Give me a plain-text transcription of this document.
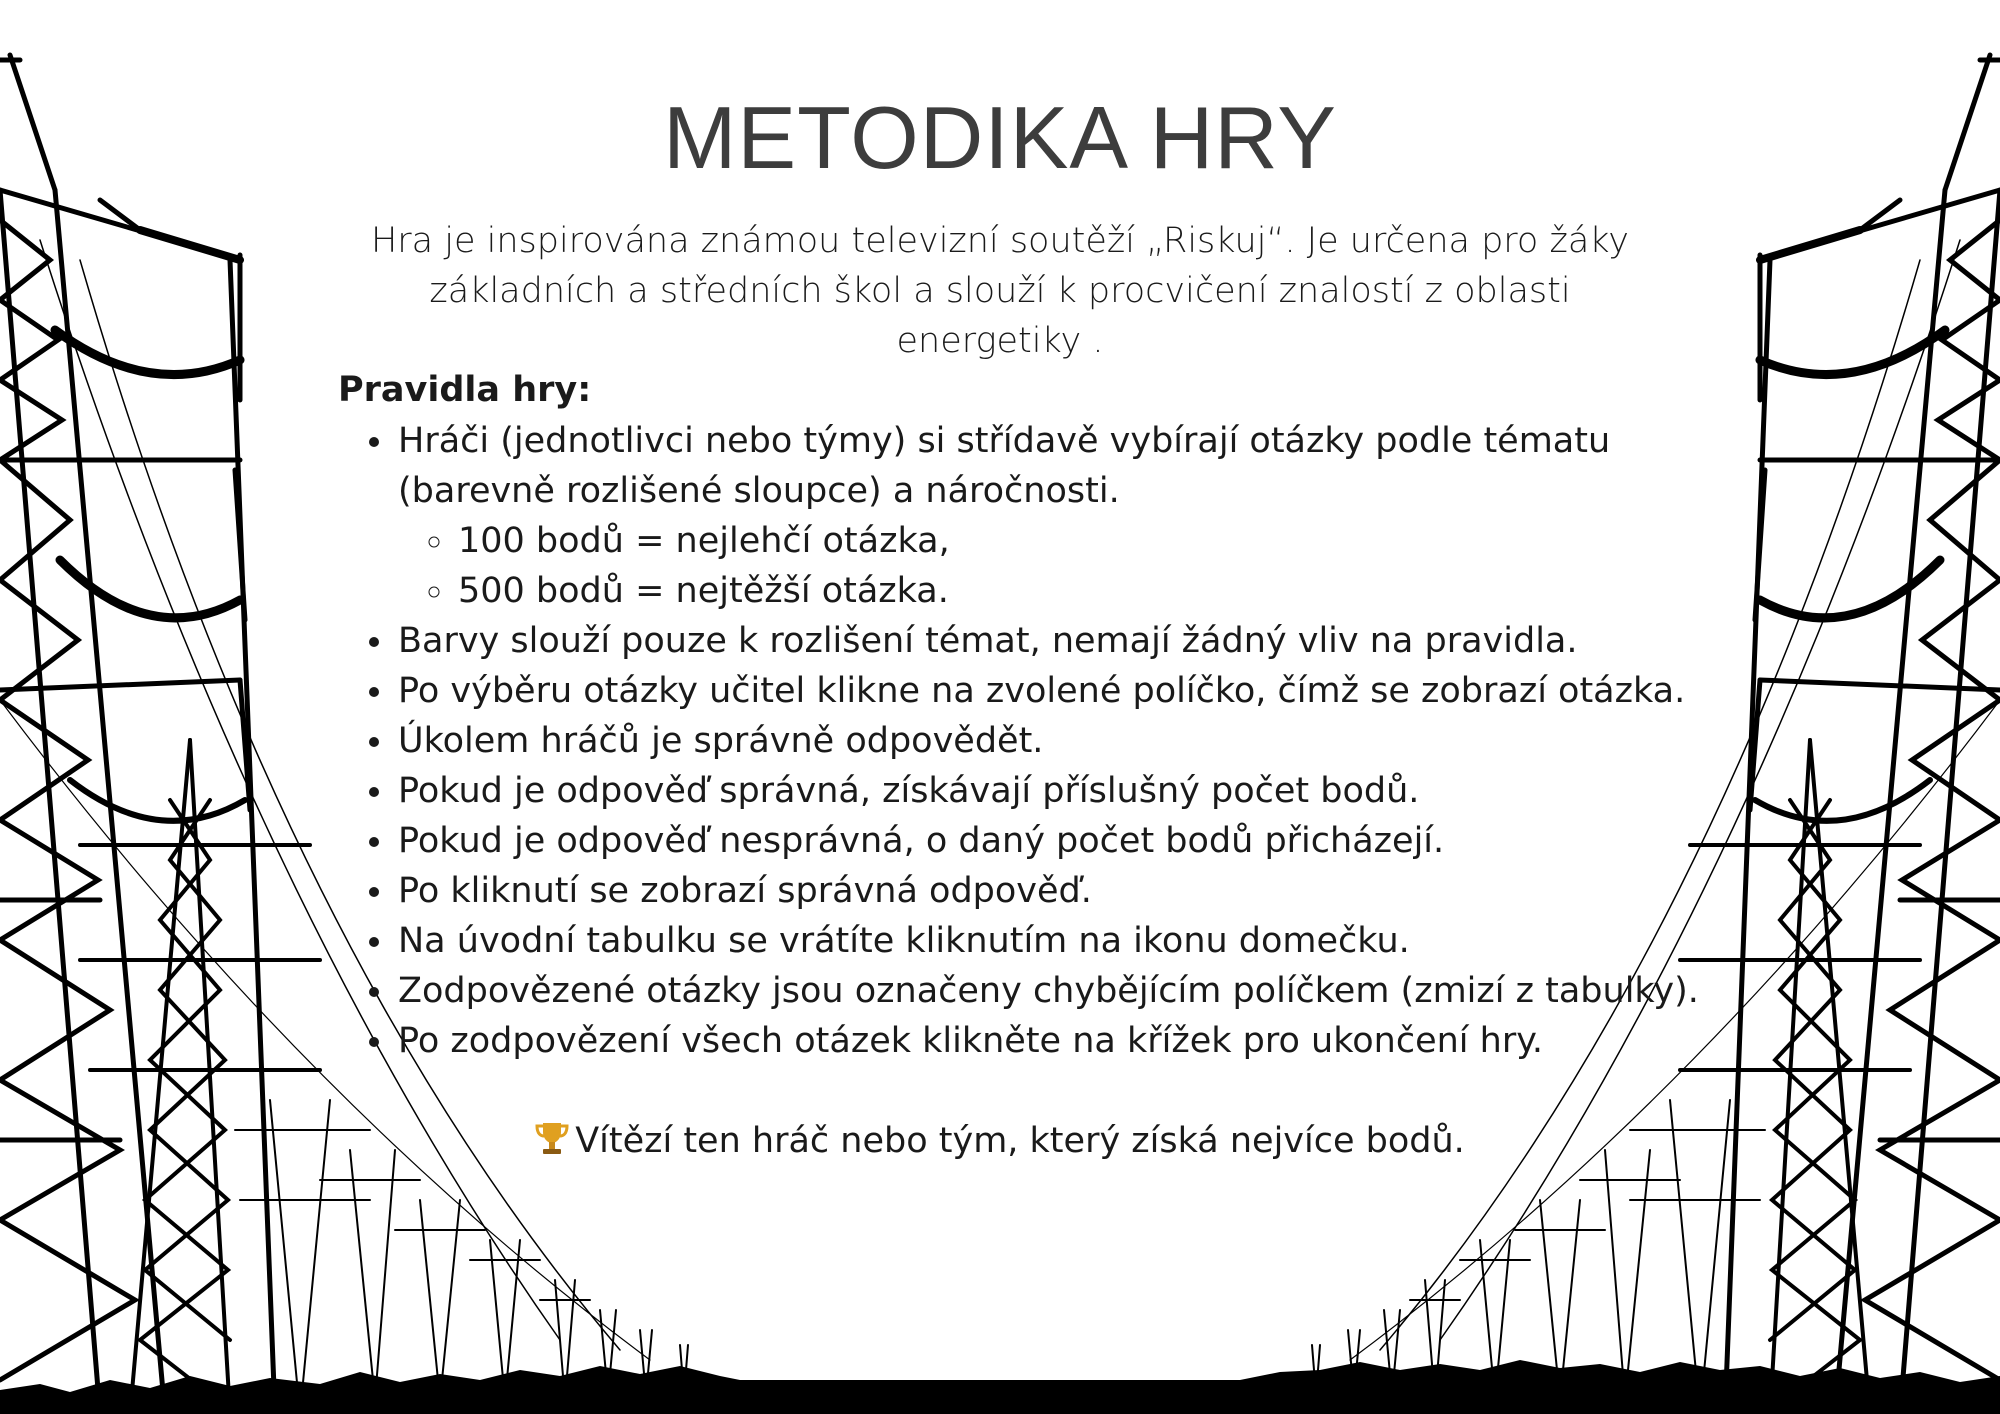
METODIKA HRY

Hra je inspirována známou televizní soutěží „Riskuj“. Je určena pro žáky základních a středních škol a slouží k procvičení znalostí z oblasti energetiky .

Pravidla hry:
• Hráči (jednotlivci nebo týmy) si střídavě vybírají otázky podle tématu (barevně rozlišené sloupce) a náročnosti.
◦ 100 bodů = nejlehčí otázka,
◦ 500 bodů = nejtěžší otázka.
• Barvy slouží pouze k rozlišení témat, nemají žádný vliv na pravidla.
• Po výběru otázky učitel klikne na zvolené políčko, čímž se zobrazí otázka.
• Úkolem hráčů je správně odpovědět.
• Pokud je odpověď správná, získávají příslušný počet bodů.
• Pokud je odpověď nesprávná, o daný počet bodů přicházejí.
• Po kliknutí se zobrazí správná odpověď.
• Na úvodní tabulku se vrátíte kliknutím na ikonu domečku.
• Zodpovězené otázky jsou označeny chybějícím políčkem (zmizí z tabulky).
• Po zodpovězení všech otázek klikněte na křížek pro ukončení hry.

Vítězí ten hráč nebo tým, který získá nejvíce bodů.
